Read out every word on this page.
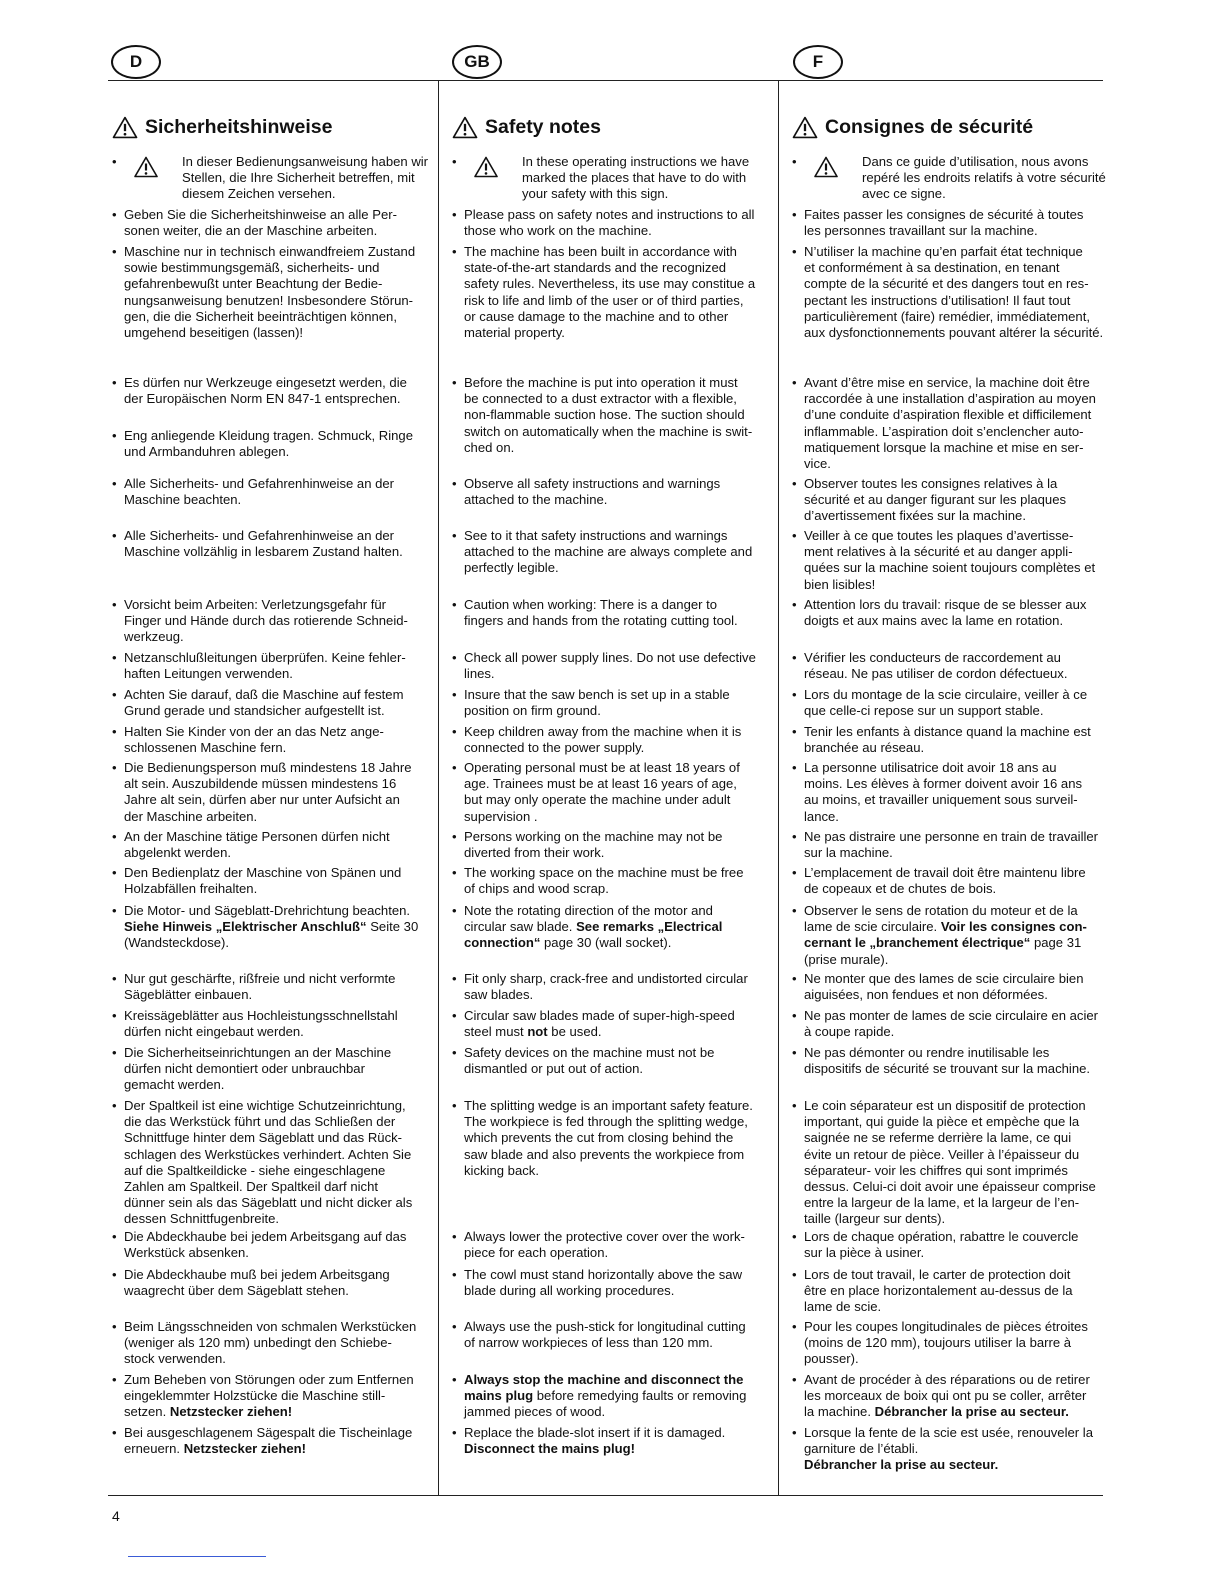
D	GB	F
Sicherheitshinweise
•	In dieser Bedienungsanweisung haben wir
Stellen, die Ihre Sicherheit betreffen, mit
diesem Zeichen versehen.
• Geben Sie die Sicherheitshinweise an alle Per-
sonen weiter, die an der Maschine arbeiten.
• Maschine nur in technisch einwandfreiem Zustand
sowie bestimmungsgemäß, sicherheits- und
gefahrenbewußt unter Beachtung der Bedie-
nungsanweisung benutzen! Insbesondere Störun-
gen, die die Sicherheit beeinträchtigen können,
umgehend beseitigen (lassen)!
• Es dürfen nur Werkzeuge eingesetzt werden, die
der Europäischen Norm EN 847-1 entsprechen.
• Eng anliegende Kleidung tragen. Schmuck, Ringe
und Armbanduhren ablegen.
• Alle Sicherheits- und Gefahrenhinweise an der
Maschine beachten.
• Alle Sicherheits- und Gefahrenhinweise an der
Maschine vollzählig in lesbarem Zustand halten.
• Vorsicht beim Arbeiten: Verletzungsgefahr für
Finger und Hände durch das rotierende Schneid-
werkzeug.
• Netzanschlußleitungen überprüfen. Keine fehler-
haften Leitungen verwenden.
• Achten Sie darauf, daß die Maschine auf festem
Grund gerade und standsicher aufgestellt ist.
• Halten Sie Kinder von der an das Netz ange-
schlossenen Maschine fern.
• Die Bedienungsperson muß mindestens 18 Jahre
alt sein. Auszubildende müssen mindestens 16
Jahre alt sein, dürfen aber nur unter Aufsicht an
der Maschine arbeiten.
• An der Maschine tätige Personen dürfen nicht
abgelenkt werden.
• Den Bedienplatz der Maschine von Spänen und
Holzabfällen freihalten.
• Die Motor- und Sägeblatt-Drehrichtung beachten.
Siehe Hinweis „Elektrischer Anschluß“ Seite 30
(Wandsteckdose).
• Nur gut geschärfte, rißfreie und nicht verformte
Sägeblätter einbauen.
• Kreissägeblätter aus Hochleistungsschnellstahl
dürfen nicht eingebaut werden.
• Die Sicherheitseinrichtungen an der Maschine
dürfen nicht demontiert oder unbrauchbar
gemacht werden.
• Der Spaltkeil ist eine wichtige Schutzeinrichtung,
die das Werkstück führt und das Schließen der
Schnittfuge hinter dem Sägeblatt und das Rück-
schlagen des Werkstückes verhindert. Achten Sie
auf die Spaltkeildicke - siehe eingeschlagene
Zahlen am Spaltkeil. Der Spaltkeil darf nicht
dünner sein als das Sägeblatt und nicht dicker als
dessen Schnittfugenbreite.
• Die Abdeckhaube bei jedem Arbeitsgang auf das
Werkstück absenken.
• Die Abdeckhaube muß bei jedem Arbeitsgang
waagrecht über dem Sägeblatt stehen.
• Beim Längsschneiden von schmalen Werkstücken
(weniger als 120 mm) unbedingt den Schiebe-
stock verwenden.
• Zum Beheben von Störungen oder zum Entfernen
eingeklemmter Holzstücke die Maschine still-
setzen. Netzstecker ziehen!
• Bei ausgeschlagenem Sägespalt die Tischeinlage
erneuern. Netzstecker ziehen!
Safety notes
•	In these operating instructions we have
marked the places that have to do with
your safety with this sign.
• Please pass on safety notes and instructions to all
those who work on the machine.
• The machine has been built in accordance with
state-of-the-art standards and the recognized
safety rules. Nevertheless, its use may constitue a
risk to life and limb of the user or of third parties,
or cause damage to the machine and to other
material property.
• Before the machine is put into operation it must
be connected to a dust extractor with a flexible,
non-flammable suction hose. The suction should
switch on automatically when the machine is swit-
ched on.
• Observe all safety instructions and warnings
attached to the machine.
• See to it that safety instructions and warnings
attached to the machine are always complete and
perfectly legible.
• Caution when working: There is a danger to
fingers and hands from the rotating cutting tool.
• Check all power supply lines. Do not use defective
lines.
• Insure that the saw bench is set up in a stable
position on firm ground.
• Keep children away from the machine when it is
connected to the power supply.
• Operating personal must be at least 18 years of
age. Trainees must be at least 16 years of age,
but may only operate the machine under adult
supervision .
• Persons working on the machine may not be
diverted from their work.
• The working space on the machine must be free
of chips and wood scrap.
• Note the rotating direction of the motor and
circular saw blade. See remarks „Electrical
connection“ page 30 (wall socket).
• Fit only sharp, crack-free and undistorted circular
saw blades.
• Circular saw blades made of super-high-speed
steel must not be used.
• Safety devices on the machine must not be
dismantled or put out of action.
• The splitting wedge is an important safety feature.
The workpiece is fed through the splitting wedge,
which prevents the cut from closing behind the
saw blade and also prevents the workpiece from
kicking back.
• Always lower the protective cover over the work-
piece for each operation.
• The cowl must stand horizontally above the saw
blade during all working procedures.
• Always use the push-stick for longitudinal cutting
of narrow workpieces of less than 120 mm.
• Always stop the machine and disconnect the
mains plug before remedying faults or removing
jammed pieces of wood.
• Replace the blade-slot insert if it is damaged.
Disconnect the mains plug!
Consignes de sécurité
•	Dans ce guide d’utilisation, nous avons
repéré les endroits relatifs à votre sécurité
avec ce signe.
• Faites passer les consignes de sécurité à toutes
les personnes travaillant sur la machine.
• N’utiliser la machine qu’en parfait état technique
et conformément à sa destination, en tenant
compte de la sécurité et des dangers tout en res-
pectant les instructions d’utilisation! Il faut tout
particulièrement (faire) remédier, immédiatement,
aux dysfonctionnements pouvant altérer la sécurité.
• Avant d’être mise en service, la machine doit être
raccordée à une installation d’aspiration au moyen
d’une conduite d’aspiration flexible et difficilement
inflammable. L’aspiration doit s’enclencher auto-
matiquement lorsque la machine et mise en ser-
vice.
• Observer toutes les consignes relatives à la
sécurité et au danger figurant sur les plaques
d’avertissement fixées sur la machine.
• Veiller à ce que toutes les plaques d’avertisse-
ment relatives à la sécurité et au danger appli-
quées sur la machine soient toujours complètes et
bien lisibles!
• Attention lors du travail: risque de se blesser aux
doigts et aux mains avec la lame en rotation.
• Vérifier les conducteurs de raccordement au
réseau. Ne pas utiliser de cordon défectueux.
• Lors du montage de la scie circulaire, veiller à ce
que celle-ci repose sur un support stable.
• Tenir les enfants à distance quand la machine est
branchée au réseau.
• La personne utilisatrice doit avoir 18 ans au
moins. Les élèves à former doivent avoir 16 ans
au moins, et travailler uniquement sous surveil-
lance.
• Ne pas distraire une personne en train de travailler
sur la machine.
• L’emplacement de travail doit être maintenu libre
de copeaux et de chutes de bois.
• Observer le sens de rotation du moteur et de la
lame de scie circulaire. Voir les consignes con-
cernant le „branchement électrique“ page 31
(prise murale).
• Ne monter que des lames de scie circulaire bien
aiguisées, non fendues et non déformées.
• Ne pas monter de lames de scie circulaire en acier
à coupe rapide.
• Ne pas démonter ou rendre inutilisable les
dispositifs de sécurité se trouvant sur la machine.
• Le coin séparateur est un dispositif de protection
important, qui guide la pièce et empèche que la
saignée ne se referme derrière la lame, ce qui
évite un retour de pièce. Veiller à l’épaisseur du
séparateur- voir les chiffres qui sont imprimés
dessus. Celui-ci doit avoir une épaisseur comprise
entre la largeur de la lame, et la largeur de l’en-
taille (largeur sur dents).
• Lors de chaque opération, rabattre le couvercle
sur la pièce à usiner.
• Lors de tout travail, le carter de protection doit
être en place horizontalement au-dessus de la
lame de scie.
• Pour les coupes longitudinales de pièces étroites
(moins de 120 mm), toujours utiliser la barre à
pousser).
• Avant de procéder à des réparations ou de retirer
les morceaux de boix qui ont pu se coller, arrêter
la machine. Débrancher la prise au secteur.
• Lorsque la fente de la scie est usée, renouveler la
garniture de l’établi.
Débrancher la prise au secteur.
4
